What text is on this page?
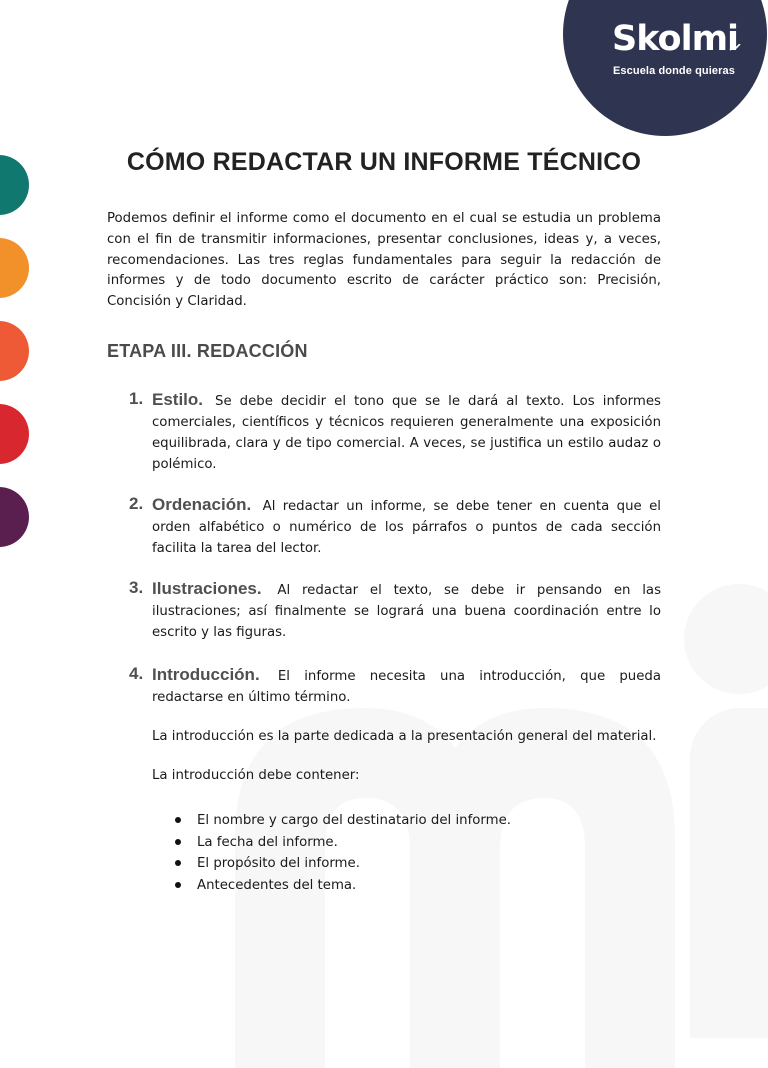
Skolmi
Escuela donde quieras
CÓMO REDACTAR UN INFORME TÉCNICO

Podemos definir el informe como el documento en el cual se estudia un problema con el fin de transmitir informaciones, presentar conclusiones, ideas y, a veces, recomendaciones. Las tres reglas fundamentales para seguir la redacción de informes y de todo documento escrito de carácter práctico son: Precisión, Concisión y Claridad.

ETAPA III. REDACCIÓN
1. Estilo. Se debe decidir el tono que se le dará al texto. Los informes comerciales, científicos y técnicos requieren generalmente una exposición equilibrada, clara y de tipo comercial. A veces, se justifica un estilo audaz o polémico.

2. Ordenación. Al redactar un informe, se debe tener en cuenta que el orden alfabético o numérico de los párrafos o puntos de cada sección facilita la tarea del lector.

3. Ilustraciones. Al redactar el texto, se debe ir pensando en las ilustraciones; así finalmente se logrará una buena coordinación entre lo escrito y las figuras.

4. Introducción. El informe necesita una introducción, que pueda redactarse en último término.

La introducción es la parte dedicada a la presentación general del material.

La introducción debe contener:

El nombre y cargo del destinatario del informe.
La fecha del informe.
El propósito del informe.
Antecedentes del tema.
